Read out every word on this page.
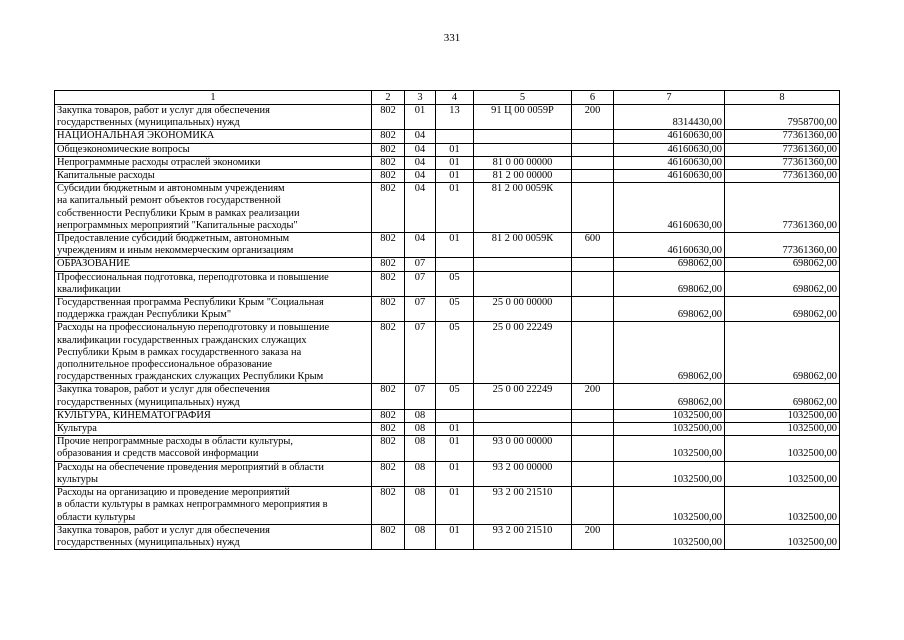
331
1	2	3	4	5	6	7	8

Закупка товаров, работ и услуг для обеспечения
государственных (муниципальных) нужд	802	01	13	91 Ц 00 0059Р	200	8314430,00	7958700,00

НАЦИОНАЛЬНАЯ ЭКОНОМИКА	802	04				46160630,00	77361360,00

Общеэкономические вопросы	802	04	01			46160630,00	77361360,00

Непрограммные расходы отраслей экономики	802	04	01	81 0 00 00000		46160630,00	77361360,00

Капитальные расходы	802	04	01	81 2 00 00000		46160630,00	77361360,00

Субсидии бюджетным и автономным учреждениям
на капитальный ремонт объектов государственной
собственности Республики Крым в рамках реализации
непрограммных мероприятий "Капитальные расходы"	802	04	01	81 2 00 0059К		46160630,00	77361360,00

Предоставление субсидий бюджетным, автономным
учреждениям и иным некоммерческим организациям	802	04	01	81 2 00 0059К	600	46160630,00	77361360,00

ОБРАЗОВАНИЕ	802	07				698062,00	698062,00

Профессиональная подготовка, переподготовка и повышение
квалификации	802	07	05			698062,00	698062,00

Государственная программа Республики Крым "Социальная
поддержка граждан Республики Крым"	802	07	05	25 0 00 00000		698062,00	698062,00

Расходы на профессиональную переподготовку и повышение
квалификации государственных гражданских служащих
Республики Крым в рамках государственного заказа на
дополнительное профессиональное образование
государственных гражданских служащих Республики Крым	802	07	05	25 0 00 22249		698062,00	698062,00

Закупка товаров, работ и услуг для обеспечения
государственных (муниципальных) нужд	802	07	05	25 0 00 22249	200	698062,00	698062,00

КУЛЬТУРА, КИНЕМАТОГРАФИЯ	802	08				1032500,00	1032500,00

Культура	802	08	01			1032500,00	1032500,00

Прочие непрограммные расходы в области культуры,
образования и средств массовой информации	802	08	01	93 0 00 00000		1032500,00	1032500,00

Расходы на обеспечение проведения мероприятий в области
культуры	802	08	01	93 2 00 00000		1032500,00	1032500,00

Расходы на организацию и проведение мероприятий
в области культуры в рамках непрограммного мероприятия в
области культуры	802	08	01	93 2 00 21510		1032500,00	1032500,00

Закупка товаров, работ и услуг для обеспечения
государственных (муниципальных) нужд	802	08	01	93 2 00 21510	200	1032500,00	1032500,00
